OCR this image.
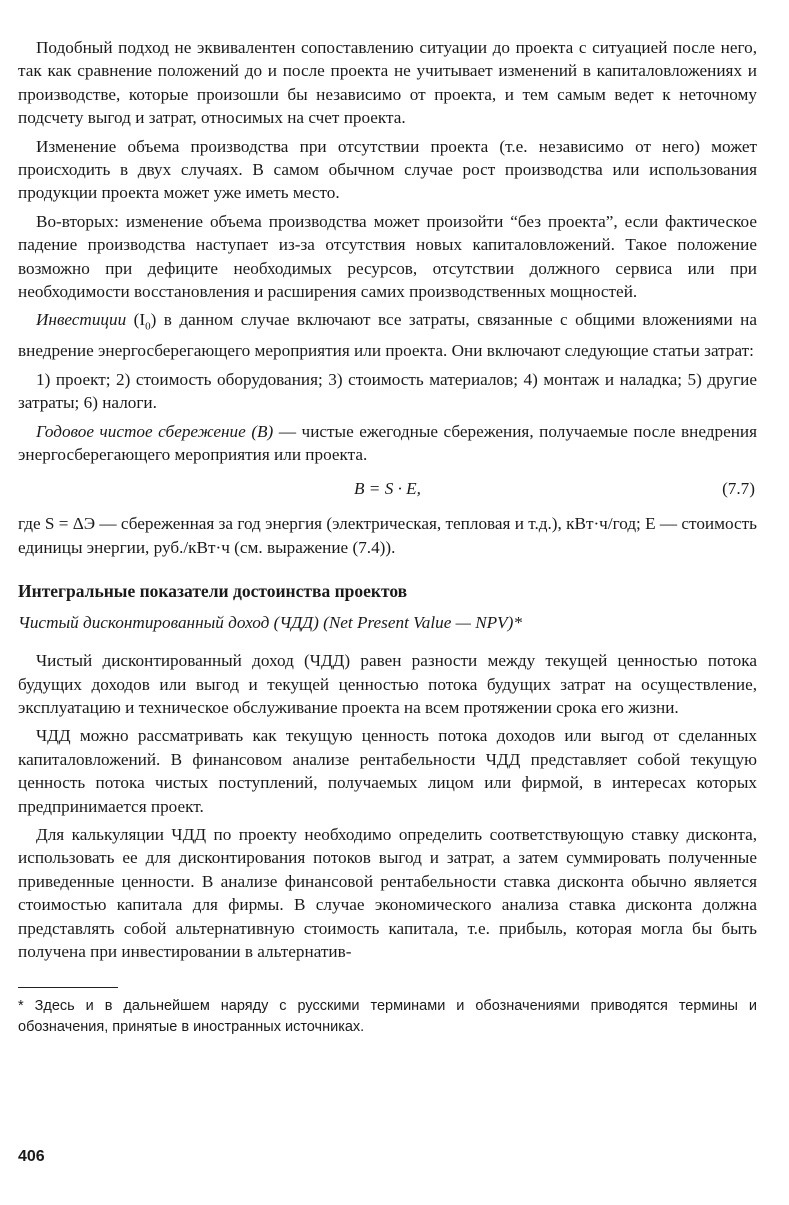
Подобный подход не эквивалентен сопоставлению ситуации до проекта с ситуацией после него, так как сравнение положений до и после проекта не учитывает изменений в капиталовложениях и производстве, которые произошли бы независимо от проекта, и тем самым ведет к неточному подсчету выгод и затрат, относимых на счет проекта.

Изменение объема производства при отсутствии проекта (т.е. независимо от него) может происходить в двух случаях. В самом обычном случае рост производства или использования продукции проекта может уже иметь место.

Во-вторых: изменение объема производства может произойти “без проекта”, если фактическое падение производства наступает из-за отсутствия новых капиталовложений. Такое положение возможно при дефиците необходимых ресурсов, отсутствии должного сервиса или при необходимости восстановления и расширения самих производственных мощностей.

Инвестиции $(I_0)$ в данном случае включают все затраты, связанные с общими вложениями на внедрение энергосберегающего мероприятия или проекта. Они включают следующие статьи затрат:

1) проект; 2) стоимость оборудования; 3) стоимость материалов; 4) монтаж и наладка; 5) другие затраты; 6) налоги.

Годовое чистое сбережение (B) — чистые ежегодные сбережения, получаемые после внедрения энергосберегающего мероприятия или проекта.

B = S · E,	(7.7)

где S = ΔЭ — сбереженная за год энергия (электрическая, тепловая и т.д.), кВт·ч/год; E — стоимость единицы энергии, руб./кВт·ч (см. выражение (7.4)).

Интегральные показатели достоинства проектов
Чистый дисконтированный доход (ЧДД) (Net Present Value — NPV)*

Чистый дисконтированный доход (ЧДД) равен разности между текущей ценностью потока будущих доходов или выгод и текущей ценностью потока будущих затрат на осуществление, эксплуатацию и техническое обслуживание проекта на всем протяжении срока его жизни.

ЧДД можно рассматривать как текущую ценность потока доходов или выгод от сделанных капиталовложений. В финансовом анализе рентабельности ЧДД представляет собой текущую ценность потока чистых поступлений, получаемых лицом или фирмой, в интересах которых предпринимается проект.

Для калькуляции ЧДД по проекту необходимо определить соответствующую ставку дисконта, использовать ее для дисконтирования потоков выгод и затрат, а затем суммировать полученные приведенные ценности. В анализе финансовой рентабельности ставка дисконта обычно является стоимостью капитала для фирмы. В случае экономического анализа ставка дисконта должна представлять собой альтернативную стоимость капитала, т.е. прибыль, которая могла бы быть получена при инвестировании в альтернатив-

* Здесь и в дальнейшем наряду с русскими терминами и обозначениями приводятся термины и обозначения, принятые в иностранных источниках.

406
